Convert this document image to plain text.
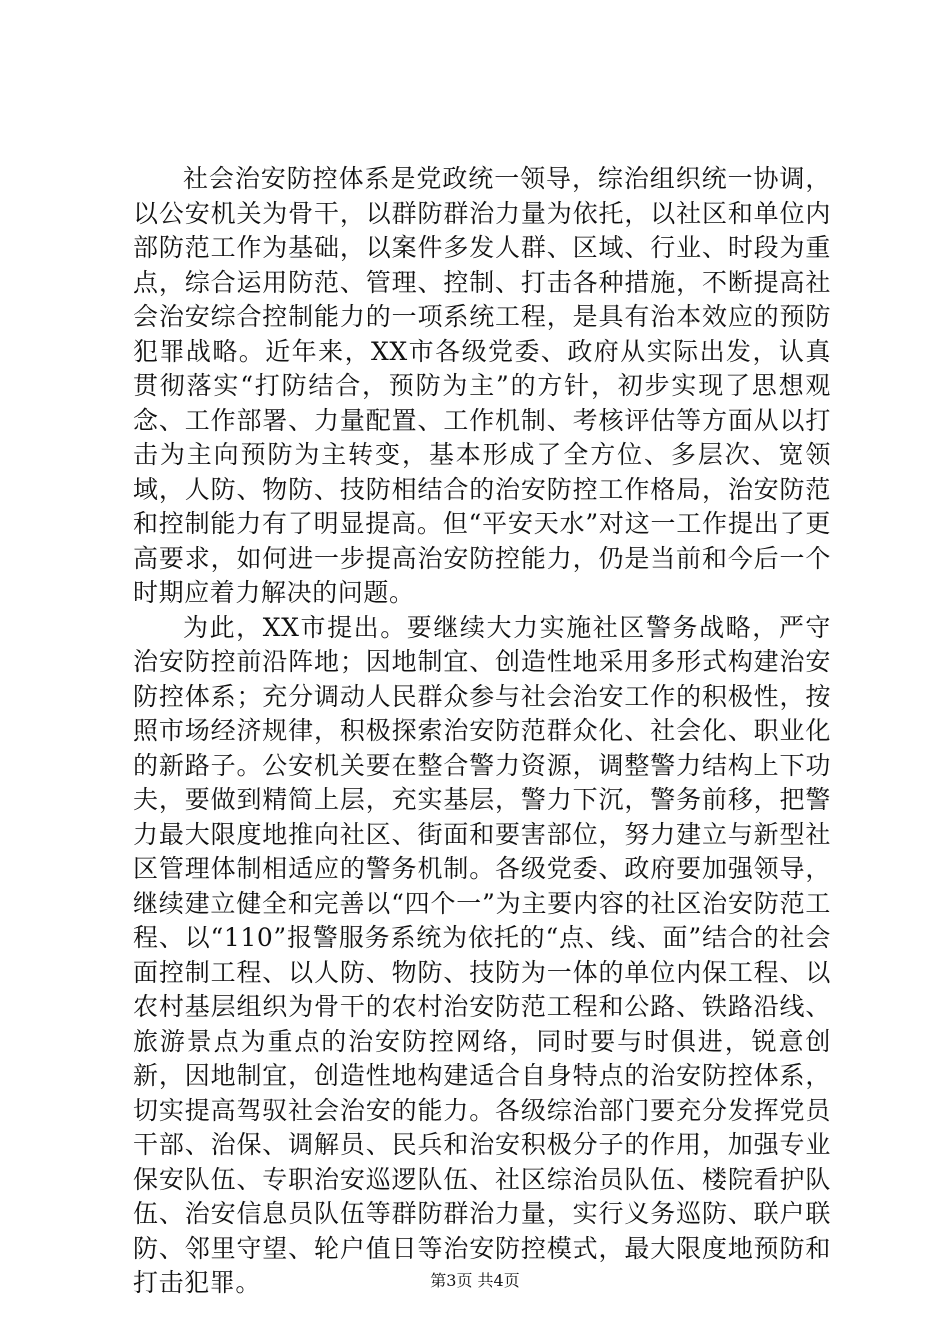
社会治安防控体系是党政统一领导，综治组织统一协调，以公安机关为骨干，以群防群治力量为依托，以社区和单位内部防范工作为基础，以案件多发人群、区域、行业、时段为重点，综合运用防范、管理、控制、打击各种措施，不断提高社会治安综合控制能力的一项系统工程，是具有治本效应的预防犯罪战略。近年来，XX市各级党委、政府从实际出发，认真贯彻落实“打防结合，预防为主”的方针，初步实现了思想观念、工作部署、力量配置、工作机制、考核评估等方面从以打击为主向预防为主转变，基本形成了全方位、多层次、宽领域，人防、物防、技防相结合的治安防控工作格局，治安防范和控制能力有了明显提高。但“平安天水”对这一工作提出了更高要求，如何进一步提高治安防控能力，仍是当前和今后一个时期应着力解决的问题。

为此，XX市提出。要继续大力实施社区警务战略，严守治安防控前沿阵地；因地制宜、创造性地采用多形式构建治安防控体系；充分调动人民群众参与社会治安工作的积极性，按照市场经济规律，积极探索治安防范群众化、社会化、职业化的新路子。公安机关要在整合警力资源，调整警力结构上下功夫，要做到精简上层，充实基层，警力下沉，警务前移，把警力最大限度地推向社区、街面和要害部位，努力建立与新型社区管理体制相适应的警务机制。各级党委、政府要加强领导，继续建立健全和完善以“四个一”为主要内容的社区治安防范工程、以“110”报警服务系统为依托的“点、线、面”结合的社会面控制工程、以人防、物防、技防为一体的单位内保工程、以农村基层组织为骨干的农村治安防范工程和公路、铁路沿线、旅游景点为重点的治安防控网络，同时要与时俱进，锐意创新，因地制宜，创造性地构建适合自身特点的治安防控体系，切实提高驾驭社会治安的能力。各级综治部门要充分发挥党员干部、治保、调解员、民兵和治安积极分子的作用，加强专业保安队伍、专职治安巡逻队伍、社区综治员队伍、楼院看护队伍、治安信息员队伍等群防群治力量，实行义务巡防、联户联防、邻里守望、轮户值日等治安防控模式，最大限度地预防和打击犯罪。	第3页 共4页
